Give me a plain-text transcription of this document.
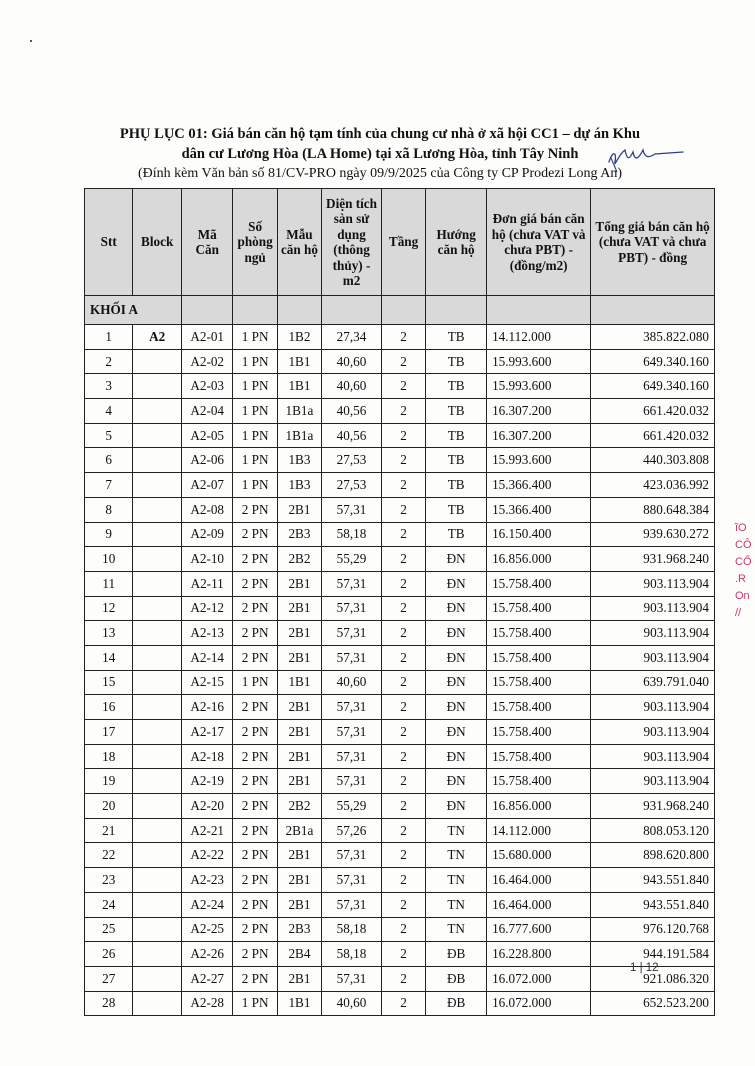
PHỤ LỤC 01: Giá bán căn hộ tạm tính của chung cư nhà ở xã hội CC1 – dự án Khu
dân cư Lương Hòa (LA Home) tại xã Lương Hòa, tỉnh Tây Ninh
(Đính kèm Văn bản số 81/CV-PRO ngày 09/9/2025 của Công ty CP Prodezi Long An)
Stt	Block	Mã Căn	Số phòng ngủ	Mẫu căn hộ	Diện tích sàn sử dụng (thông thủy) - m2	Tầng	Hướng căn hộ	Đơn giá bán căn hộ (chưa VAT và chưa PBT) - (đồng/m2)	Tổng giá bán căn hộ (chưa VAT và chưa PBT) - đồng
KHỐI A									
1	A2	A2-01	1 PN	1B2	27,34	2	TB	14.112.000	385.822.080
2		A2-02	1 PN	1B1	40,60	2	TB	15.993.600	649.340.160
3		A2-03	1 PN	1B1	40,60	2	TB	15.993.600	649.340.160
4		A2-04	1 PN	1B1a	40,56	2	TB	16.307.200	661.420.032
5		A2-05	1 PN	1B1a	40,56	2	TB	16.307.200	661.420.032
6		A2-06	1 PN	1B3	27,53	2	TB	15.993.600	440.303.808
7		A2-07	1 PN	1B3	27,53	2	TB	15.366.400	423.036.992
8		A2-08	2 PN	2B1	57,31	2	TB	15.366.400	880.648.384
9		A2-09	2 PN	2B3	58,18	2	TB	16.150.400	939.630.272
10		A2-10	2 PN	2B2	55,29	2	ĐN	16.856.000	931.968.240
11		A2-11	2 PN	2B1	57,31	2	ĐN	15.758.400	903.113.904
12		A2-12	2 PN	2B1	57,31	2	ĐN	15.758.400	903.113.904
13		A2-13	2 PN	2B1	57,31	2	ĐN	15.758.400	903.113.904
14		A2-14	2 PN	2B1	57,31	2	ĐN	15.758.400	903.113.904
15		A2-15	1 PN	1B1	40,60	2	ĐN	15.758.400	639.791.040
16		A2-16	2 PN	2B1	57,31	2	ĐN	15.758.400	903.113.904
17		A2-17	2 PN	2B1	57,31	2	ĐN	15.758.400	903.113.904
18		A2-18	2 PN	2B1	57,31	2	ĐN	15.758.400	903.113.904
19		A2-19	2 PN	2B1	57,31	2	ĐN	15.758.400	903.113.904
20		A2-20	2 PN	2B2	55,29	2	ĐN	16.856.000	931.968.240
21		A2-21	2 PN	2B1a	57,26	2	TN	14.112.000	808.053.120
22		A2-22	2 PN	2B1	57,31	2	TN	15.680.000	898.620.800
23		A2-23	2 PN	2B1	57,31	2	TN	16.464.000	943.551.840
24		A2-24	2 PN	2B1	57,31	2	TN	16.464.000	943.551.840
25		A2-25	2 PN	2B3	58,18	2	TN	16.777.600	976.120.768
26		A2-26	2 PN	2B4	58,18	2	ĐB	16.228.800	944.191.584
27		A2-27	2 PN	2B1	57,31	2	ĐB	16.072.000	921.086.320
28		A2-28	1 PN	1B1	40,60	2	ĐB	16.072.000	652.523.200
1 | 12
ĩO
CÔ
CỔ
.R
On
//
